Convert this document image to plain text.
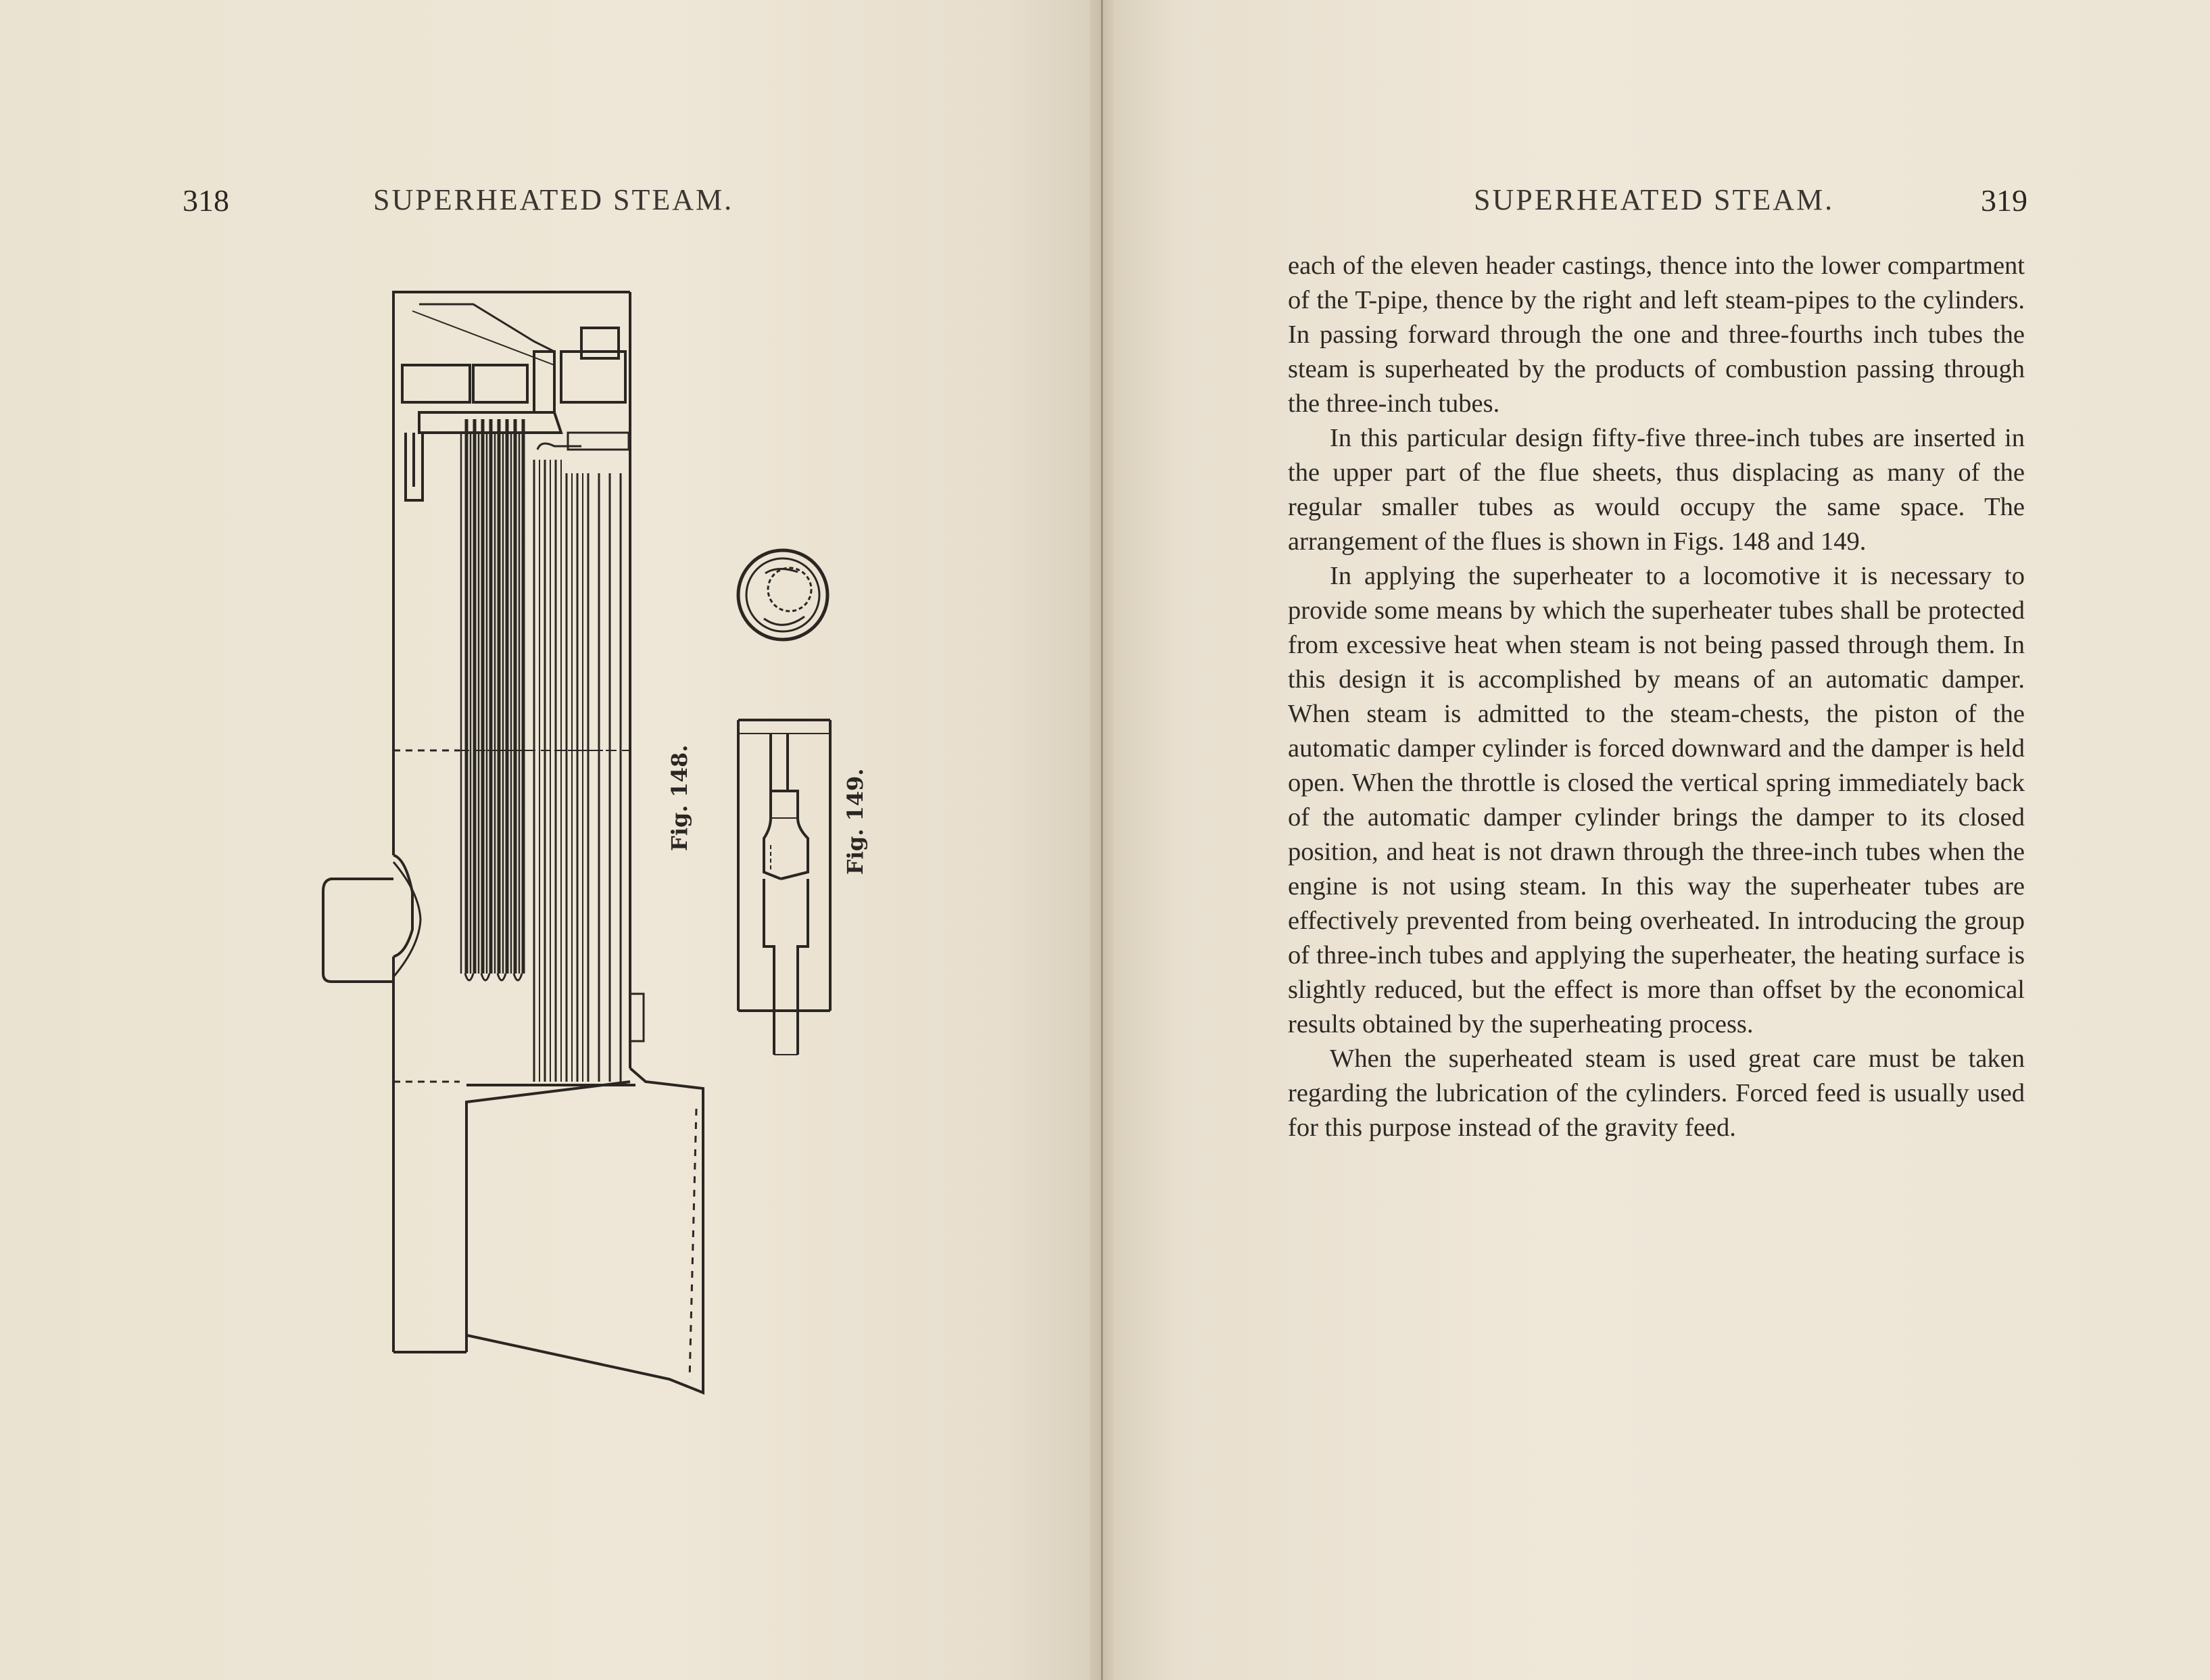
318	SUPERHEATED STEAM.	SUPERHEATED STEAM.	319
Fig. 148.	Fig. 149.

each of the eleven header castings, thence into the lower compartment of the T-pipe, thence by the right and left steam-pipes to the cylinders. In passing forward through the one and three-fourths inch tubes the steam is superheated by the products of combustion passing through the three-inch tubes.

In this particular design fifty-five three-inch tubes are inserted in the upper part of the flue sheets, thus displacing as many of the regular smaller tubes as would occupy the same space. The arrangement of the flues is shown in Figs. 148 and 149.

In applying the superheater to a locomotive it is necessary to provide some means by which the superheater tubes shall be protected from excessive heat when steam is not being passed through them. In this design it is accomplished by means of an automatic damper. When steam is admitted to the steam-chests, the piston of the automatic damper cylinder is forced downward and the damper is held open. When the throttle is closed the vertical spring immediately back of the automatic damper cylinder brings the damper to its closed position, and heat is not drawn through the three-inch tubes when the engine is not using steam. In this way the superheater tubes are effectively prevented from being overheated. In introducing the group of three-inch tubes and applying the superheater, the heating surface is slightly reduced, but the effect is more than offset by the economical results obtained by the superheating process.

When the superheated steam is used great care must be taken regarding the lubrication of the cylinders. Forced feed is usually used for this purpose instead of the gravity feed.
